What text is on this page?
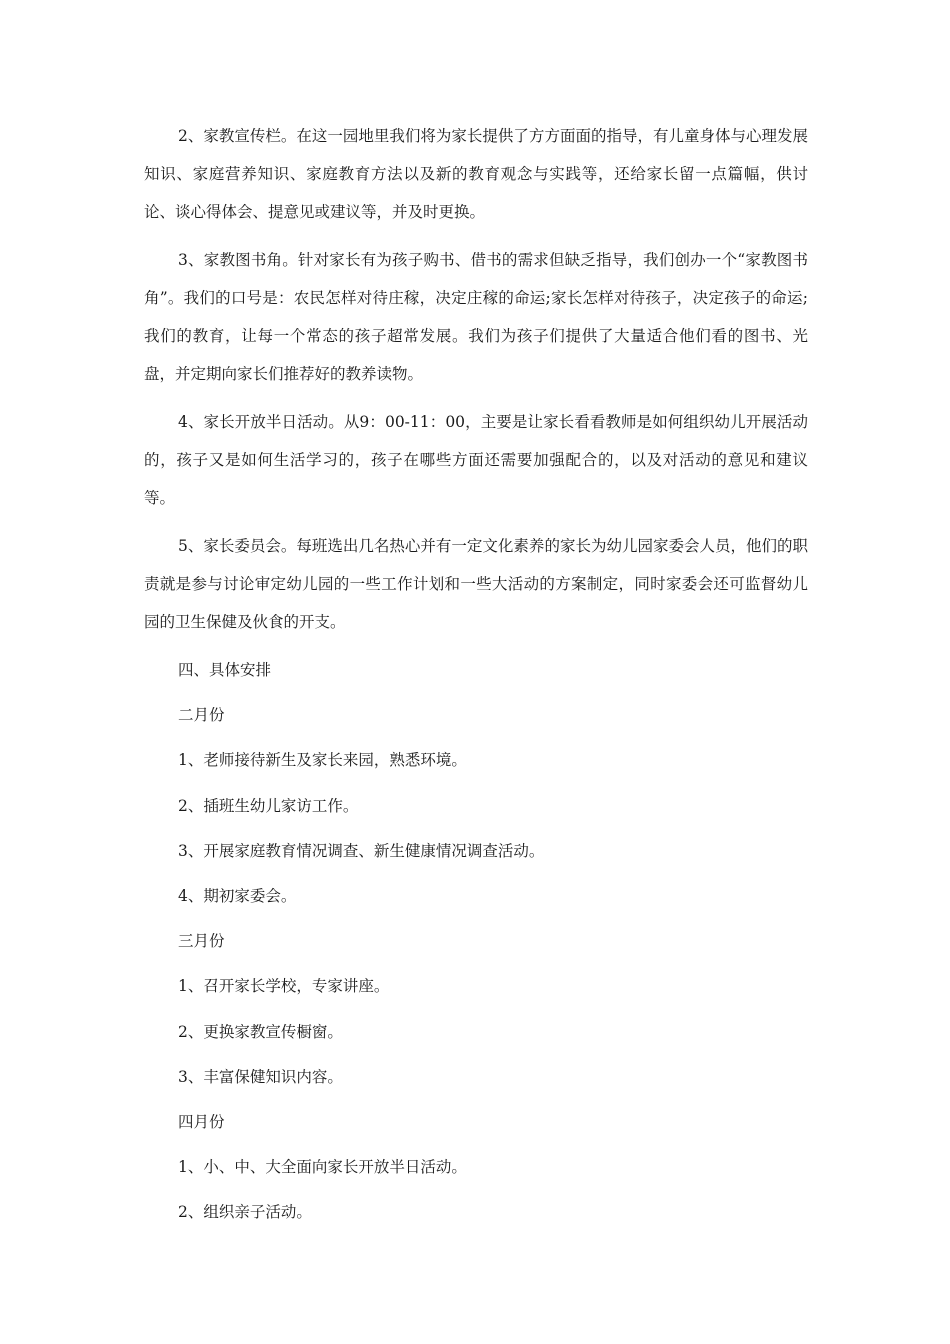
2、家教宣传栏。在这一园地里我们将为家长提供了方方面面的指导，有儿童身体与心理发展知识、家庭营养知识、家庭教育方法以及新的教育观念与实践等，还给家长留一点篇幅，供讨论、谈心得体会、提意见或建议等，并及时更换。

3、家教图书角。针对家长有为孩子购书、借书的需求但缺乏指导，我们创办一个“家教图书角”。我们的口号是：农民怎样对待庄稼，决定庄稼的命运;家长怎样对待孩子，决定孩子的命运;我们的教育，让每一个常态的孩子超常发展。我们为孩子们提供了大量适合他们看的图书、光盘，并定期向家长们推荐好的教养读物。

4、家长开放半日活动。从9：00-11：00，主要是让家长看看教师是如何组织幼儿开展活动的，孩子又是如何生活学习的，孩子在哪些方面还需要加强配合的，以及对活动的意见和建议等。

5、家长委员会。每班选出几名热心并有一定文化素养的家长为幼儿园家委会人员，他们的职责就是参与讨论审定幼儿园的一些工作计划和一些大活动的方案制定，同时家委会还可监督幼儿园的卫生保健及伙食的开支。

四、具体安排

二月份

1、老师接待新生及家长来园，熟悉环境。

2、插班生幼儿家访工作。

3、开展家庭教育情况调查、新生健康情况调查活动。

4、期初家委会。

三月份

1、召开家长学校，专家讲座。

2、更换家教宣传橱窗。

3、丰富保健知识内容。

四月份

1、小、中、大全面向家长开放半日活动。

2、组织亲子活动。
